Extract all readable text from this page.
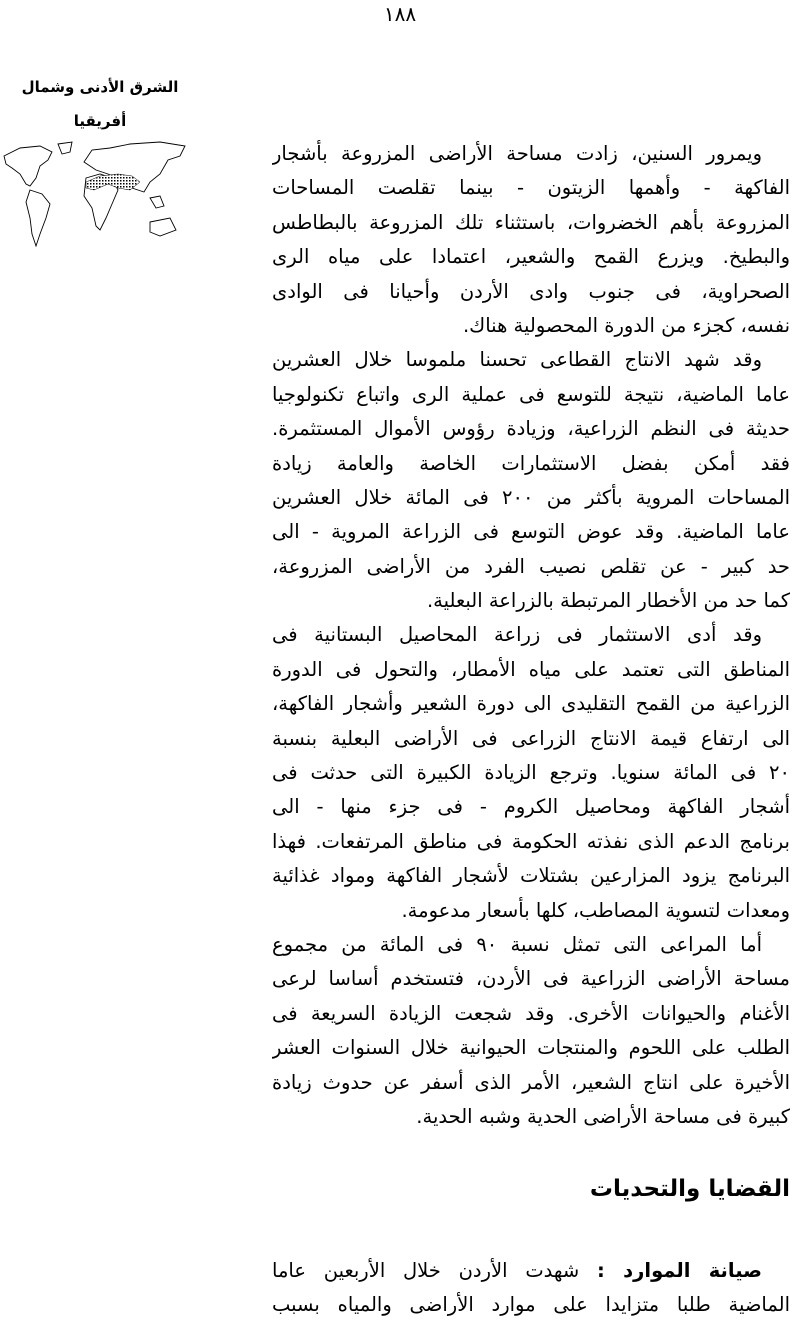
١٨٨
الشرق الأدنى وشمال
أفريقيا
ويمرور السنين، زادت مساحة الأراضى المزروعة بأشجار
الفاكهة - وأهمها الزيتون - بينما تقلصت المساحات
المزروعة بأهم الخضروات، باستثناء تلك المزروعة بالبطاطس
والبطيخ. ويزرع القمح والشعير، اعتمادا على مياه الرى
الصحراوية، فى جنوب وادى الأردن وأحيانا فى الوادى
نفسه، كجزء من الدورة المحصولية هناك.
وقد شهد الانتاج القطاعى تحسنا ملموسا خلال العشرين
عاما الماضية، نتيجة للتوسع فى عملية الرى واتباع تكنولوجيا
حديثة فى النظم الزراعية، وزيادة رؤوس الأموال المستثمرة.
فقد أمكن بفضل الاستثمارات الخاصة والعامة زيادة
المساحات المروية بأكثر من ٢٠٠ فى المائة خلال العشرين
عاما الماضية. وقد عوض التوسع فى الزراعة المروية - الى
حد كبير - عن تقلص نصيب الفرد من الأراضى المزروعة،
كما حد من الأخطار المرتبطة بالزراعة البعلية.
وقد أدى الاستثمار فى زراعة المحاصيل البستانية فى
المناطق التى تعتمد على مياه الأمطار، والتحول فى الدورة
الزراعية من القمح التقليدى الى دورة الشعير وأشجار الفاكهة،
الى ارتفاع قيمة الانتاج الزراعى فى الأراضى البعلية بنسبة
٢٠ فى المائة سنويا. وترجع الزيادة الكبيرة التى حدثت فى
أشجار الفاكهة ومحاصيل الكروم - فى جزء منها - الى
برنامج الدعم الذى نفذته الحكومة فى مناطق المرتفعات. فهذا
البرنامج يزود المزارعين بشتلات لأشجار الفاكهة ومواد غذائية
ومعدات لتسوية المصاطب، كلها بأسعار مدعومة.
أما المراعى التى تمثل نسبة ٩٠ فى المائة من مجموع
مساحة الأراضى الزراعية فى الأردن، فتستخدم أساسا لرعى
الأغنام والحيوانات الأخرى. وقد شجعت الزيادة السريعة فى
الطلب على اللحوم والمنتجات الحيوانية خلال السنوات العشر
الأخيرة على انتاج الشعير، الأمر الذى أسفر عن حدوث زيادة
كبيرة فى مساحة الأراضى الحدية وشبه الحدية.
القضايا والتحديات
صيانة الموارد : شهدت الأردن خلال الأربعين عاما
الماضية طلبا متزايدا على موارد الأراضى والمياه بسبب
